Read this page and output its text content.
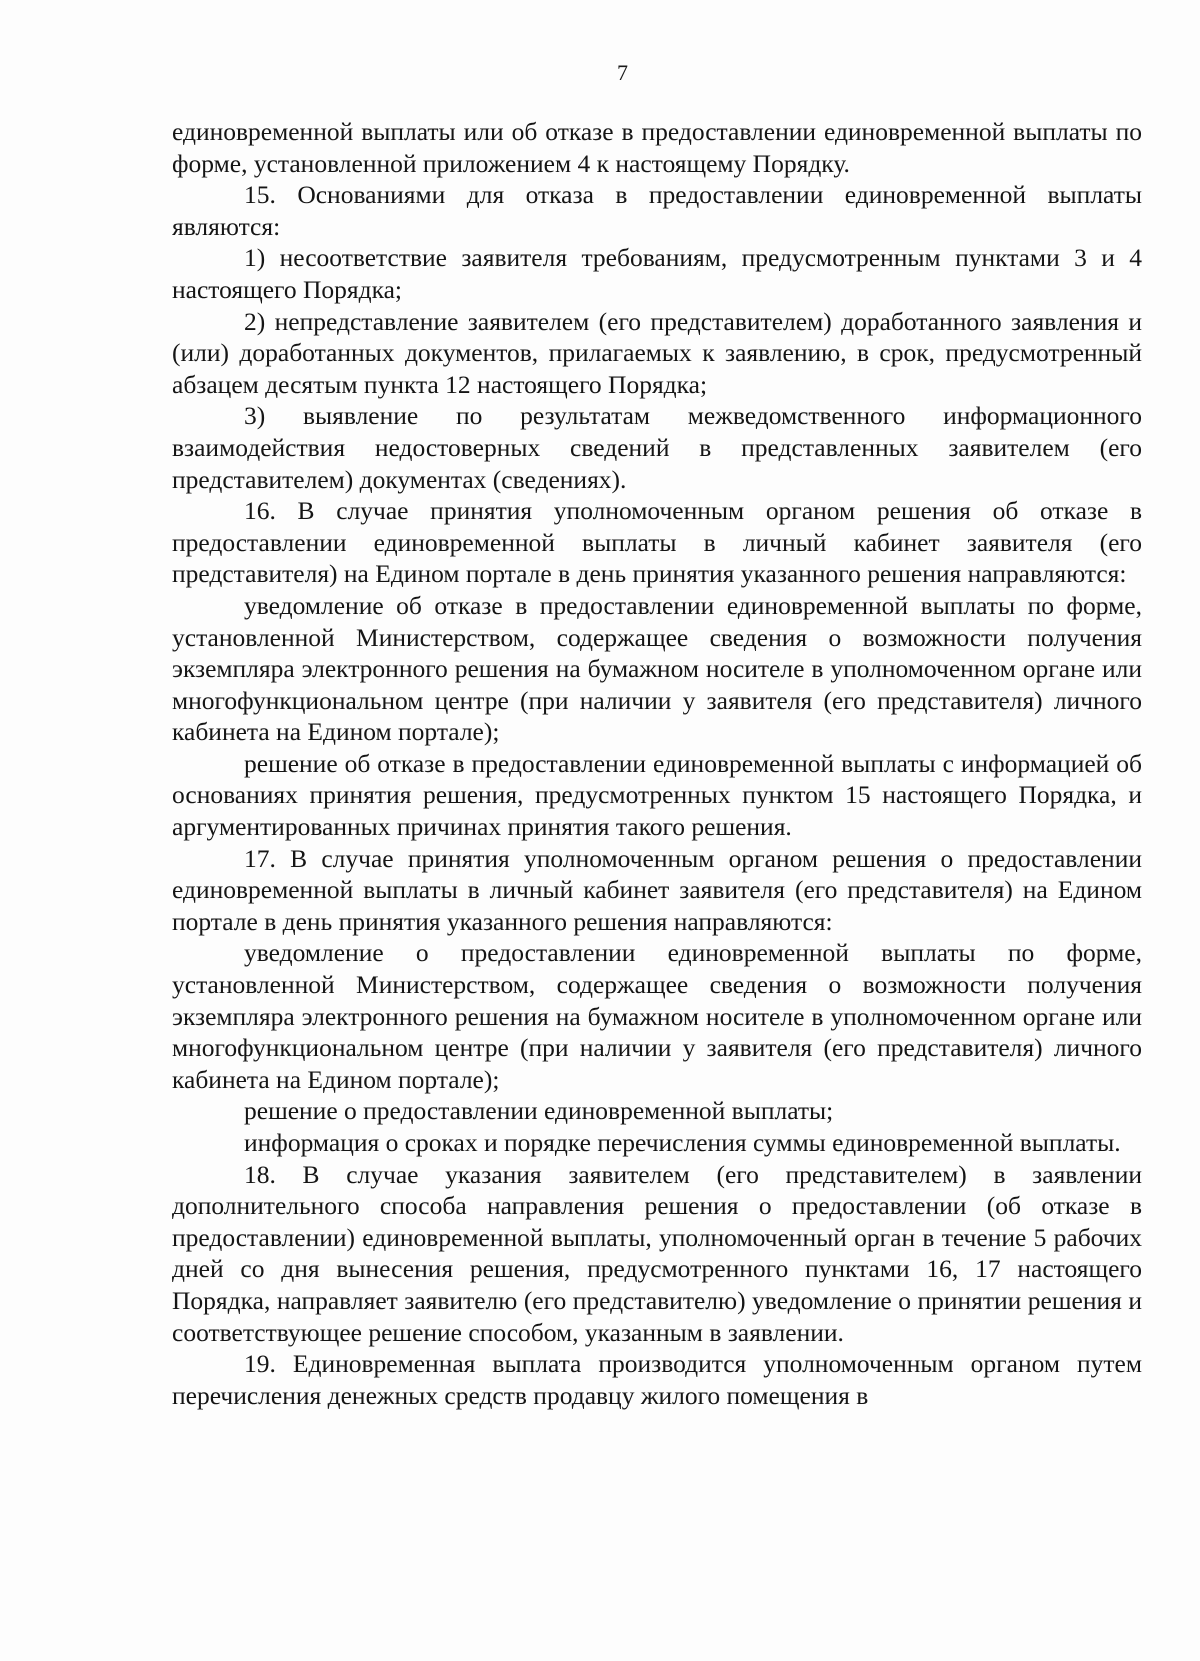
7

единовременной выплаты или об отказе в предоставлении единовременной выплаты по форме, установленной приложением 4 к настоящему Порядку.

15. Основаниями для отказа в предоставлении единовременной выплаты являются:

1) несоответствие заявителя требованиям, предусмотренным пунктами 3 и 4 настоящего Порядка;

2) непредставление заявителем (его представителем) доработанного заявления и (или) доработанных документов, прилагаемых к заявлению, в срок, предусмотренный абзацем десятым пункта 12 настоящего Порядка;

3) выявление по результатам межведомственного информационного взаимодействия недостоверных сведений в представленных заявителем (его представителем) документах (сведениях).

16. В случае принятия уполномоченным органом решения об отказе в предоставлении единовременной выплаты в личный кабинет заявителя (его представителя) на Едином портале в день принятия указанного решения направляются:

уведомление об отказе в предоставлении единовременной выплаты по форме, установленной Министерством, содержащее сведения о возможности получения экземпляра электронного решения на бумажном носителе в уполномоченном органе или многофункциональном центре (при наличии у заявителя (его представителя) личного кабинета на Едином портале);

решение об отказе в предоставлении единовременной выплаты с информацией об основаниях принятия решения, предусмотренных пунктом 15 настоящего Порядка, и аргументированных причинах принятия такого решения.

17. В случае принятия уполномоченным органом решения о предоставлении единовременной выплаты в личный кабинет заявителя (его представителя) на Едином портале в день принятия указанного решения направляются:

уведомление о предоставлении единовременной выплаты по форме, установленной Министерством, содержащее сведения о возможности получения экземпляра электронного решения на бумажном носителе в уполномоченном органе или многофункциональном центре (при наличии у заявителя (его представителя) личного кабинета на Едином портале);

решение о предоставлении единовременной выплаты;

информация о сроках и порядке перечисления суммы единовременной выплаты.

18. В случае указания заявителем (его представителем) в заявлении дополнительного способа направления решения о предоставлении (об отказе в предоставлении) единовременной выплаты, уполномоченный орган в течение 5 рабочих дней со дня вынесения решения, предусмотренного пунктами 16, 17 настоящего Порядка, направляет заявителю (его представителю) уведомление о принятии решения и соответствующее решение способом, указанным в заявлении.

19. Единовременная выплата производится уполномоченным органом путем перечисления денежных средств продавцу жилого помещения в
